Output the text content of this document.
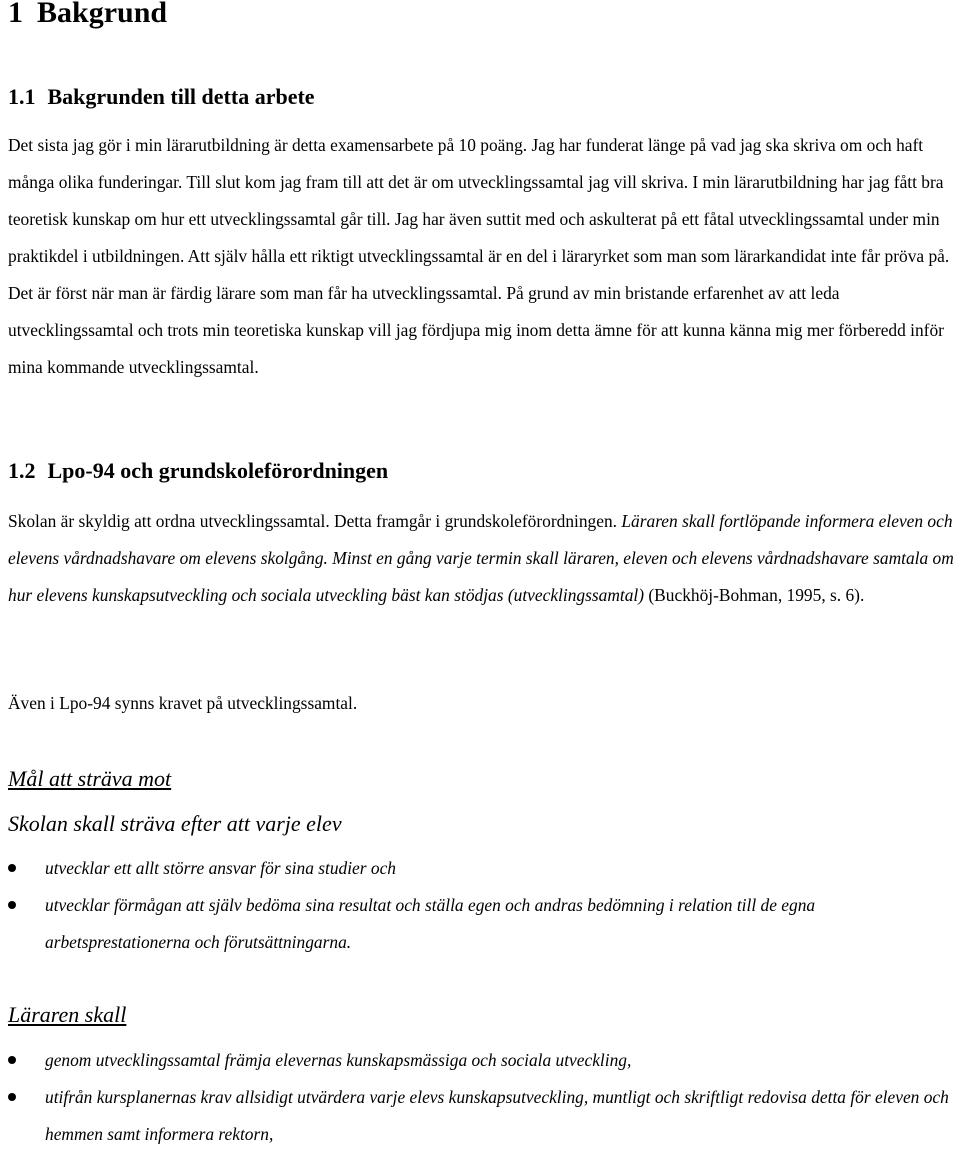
1 Bakgrund
1.1 Bakgrunden till detta arbete

Det sista jag gör i min lärarutbildning är detta examensarbete på 10 poäng. Jag har funderat länge på vad jag ska skriva om och haft många olika funderingar. Till slut kom jag fram till att det är om utvecklingssamtal jag vill skriva. I min lärarutbildning har jag fått bra teoretisk kunskap om hur ett utvecklingssamtal går till. Jag har även suttit med och askulterat på ett fåtal utvecklingssamtal under min praktikdel i utbildningen. Att själv hålla ett riktigt utvecklingssamtal är en del i läraryrket som man som lärarkandidat inte får pröva på. Det är först när man är färdig lärare som man får ha utvecklingssamtal. På grund av min bristande erfarenhet av att leda utvecklingssamtal och trots min teoretiska kunskap vill jag fördjupa mig inom detta ämne för att kunna känna mig mer förberedd inför mina kommande utvecklingssamtal.

1.2 Lpo-94 och grundskoleförordningen

Skolan är skyldig att ordna utvecklingssamtal. Detta framgår i grundskoleförordningen. Läraren skall fortlöpande informera eleven och elevens vårdnadshavare om elevens skolgång. Minst en gång varje termin skall läraren, eleven och elevens vårdnadshavare samtala om hur elevens kunskapsutveckling och sociala utveckling bäst kan stödjas (utvecklingssamtal) (Buckhöj-Bohman, 1995, s. 6).

Även i Lpo-94 synns kravet på utvecklingssamtal.

Mål att sträva mot
Skolan skall sträva efter att varje elev
utvecklar ett allt större ansvar för sina studier och
utvecklar förmågan att själv bedöma sina resultat och ställa egen och andras bedömning i relation till de egna arbetsprestationerna och förutsättningarna.
Läraren skall
genom utvecklingssamtal främja elevernas kunskapsmässiga och sociala utveckling,
utifrån kursplanernas krav allsidigt utvärdera varje elevs kunskapsutveckling, muntligt och skriftligt redovisa detta för eleven och hemmen samt informera rektorn,
